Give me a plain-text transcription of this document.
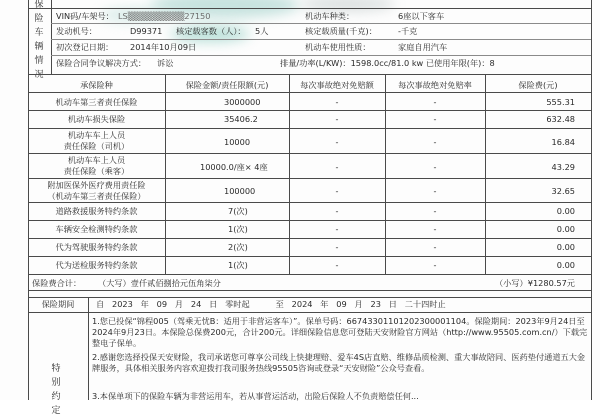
保险车辆情况
VIN码/车架号： LS▒▒▒▒▒▒▒▒▒27150	机动车种类：	6座以下客车
发动机号：	D99371 核定载客数（人）： 5人	核定载质量(千克)：	-千克
初次登记日期： 2014年10月09日	机动车使用性质：	家庭自用汽车
保险合同争议解决方式： 诉讼	排量/功率(L/KW)：1598.0cc/81.0 kw 已使用年限(年)：8
承保险种	保险金额/责任限额(元)	每次事故绝对免赔额	每次事故绝对免赔率	保险费(元)
机动车第三者责任保险	3000000	-	-	555.31
机动车损失保险	35406.2	-	-	632.48
机动车车上人员
责任保险（司机）	10000	-	-	16.84
机动车车上人员
责任保险（乘客）	10000.0/座× 4座	-	-	43.29
附加医保外医疗费用责任险
（机动车第三者责任保险）	100000	-	-	32.65
道路救援服务特约条款	7(次)	-	-	0.00
车辆安全检测特约条款	1(次)	-	-	0.00
代为驾驶服务特约条款	2(次)	-	-	0.00
代为送检服务特约条款	1(次)	-	-	0.00
保险费合计： （大写）壹仟贰佰捌拾元伍角柒分	（小写）¥1280.57元
保险期间	自   2023   年   09   月   24   日   零时起          至   2024   年   09   月   23   日   二十四时止
特别约定
1.您已投保“锦程005（驾乘无忧B：适用于非营运客车）”。保单号码：66743301101202300001104。保险期间：2023年9月24日至2024年9月23日。本保险总保费200元，合计200元。详细保险信息您可登陆天安财险官方网站（http://www.95505.com.cn/）下载完整电子保单。
2.感谢您选择投保天安财险，我司承诺您可尊享公司线上快捷理赔、爱车4S店直赔、维修品质检测、重大事故陪同、医药垫付通道五大金牌服务，具体相关服务内容欢迎拨打我司服务热线95505咨询或登录“天安财险”公众号查看。
3.本保单项下的保险车辆为非营运用车，若从事营运活动，出险后保险人不负责赔偿任何...
